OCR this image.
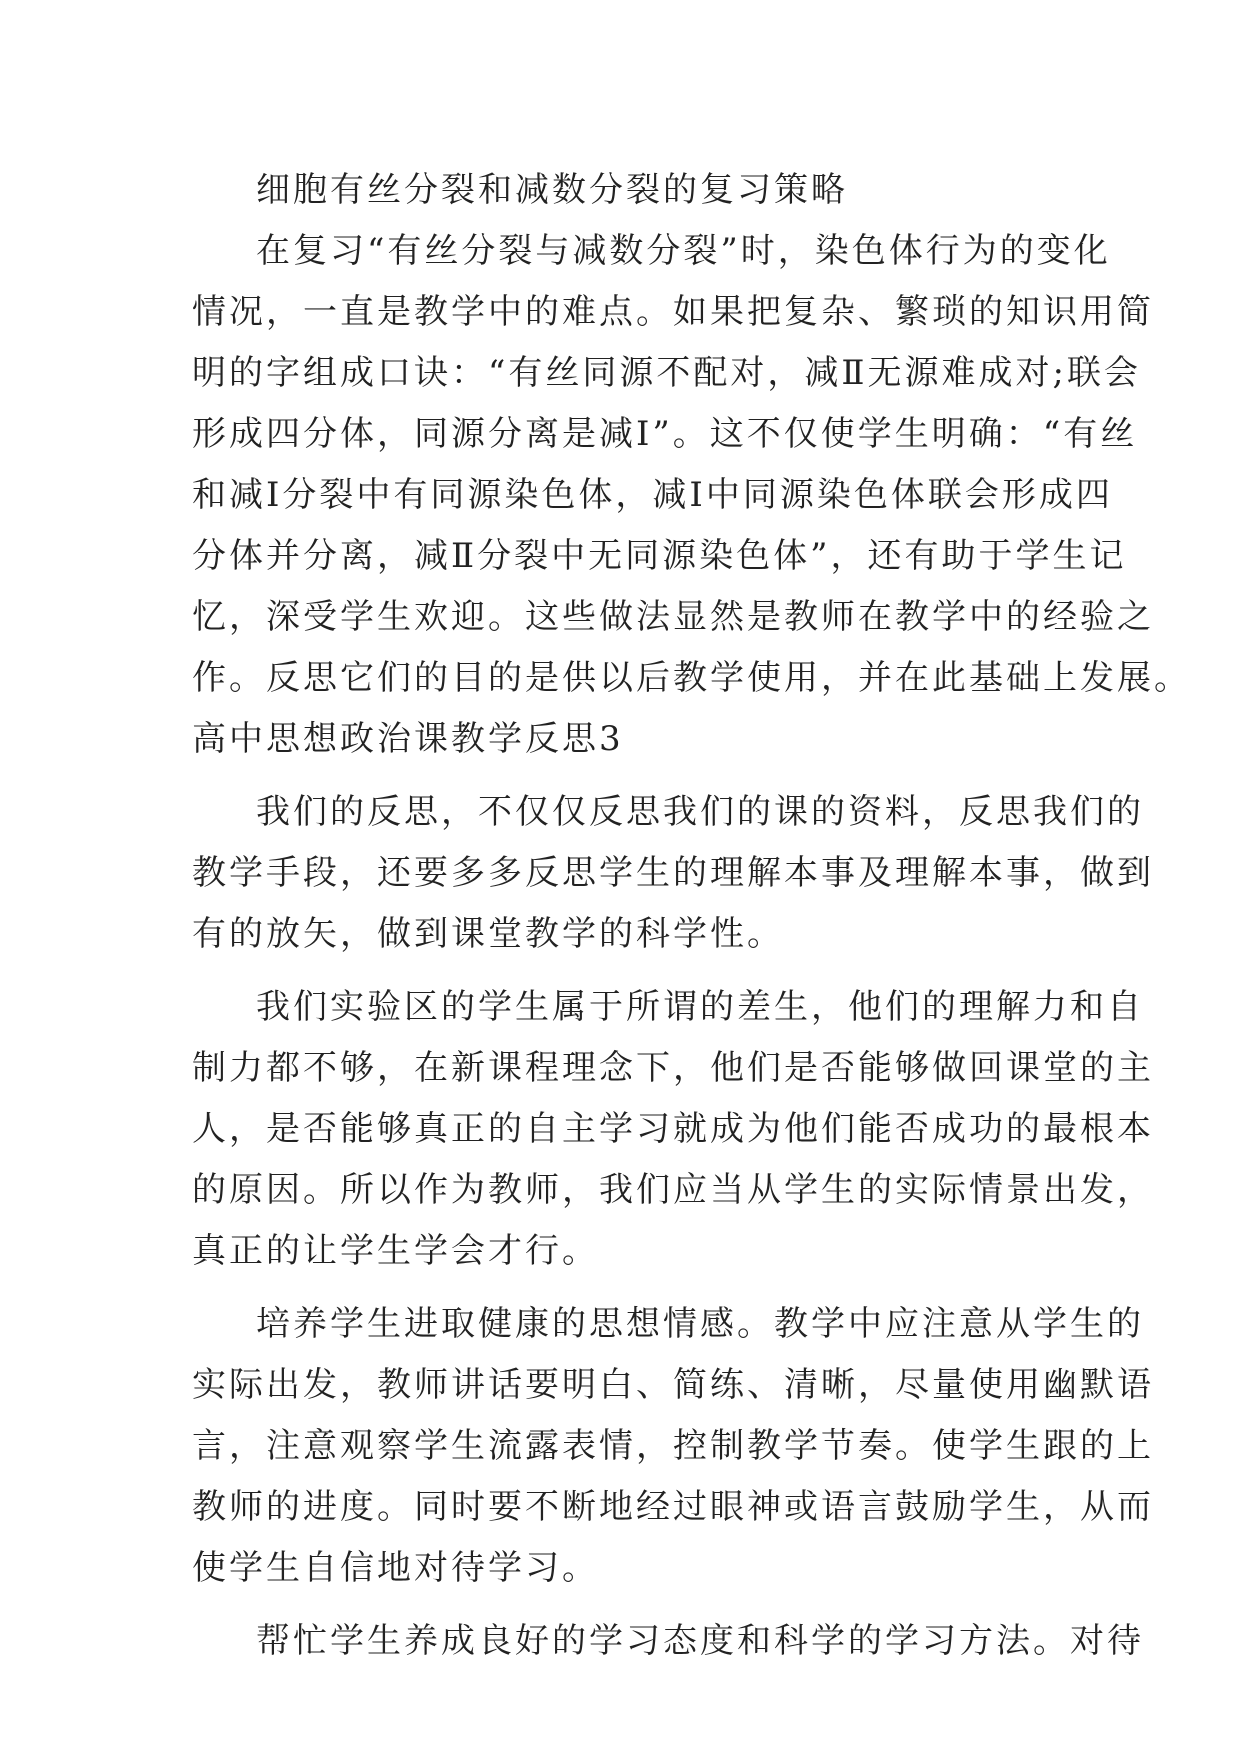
细胞有丝分裂和减数分裂的复习策略
在复习“有丝分裂与减数分裂”时，染色体行为的变化
情况，一直是教学中的难点。如果把复杂、繁琐的知识用简
明的字组成口诀：“有丝同源不配对，减Ⅱ无源难成对;联会
形成四分体，同源分离是减Ⅰ”。这不仅使学生明确：“有丝
和减Ⅰ分裂中有同源染色体，减Ⅰ中同源染色体联会形成四
分体并分离，减Ⅱ分裂中无同源染色体”，还有助于学生记
忆，深受学生欢迎。这些做法显然是教师在教学中的经验之
作。反思它们的目的是供以后教学使用，并在此基础上发展。
高中思想政治课教学反思3
我们的反思，不仅仅反思我们的课的资料，反思我们的
教学手段，还要多多反思学生的理解本事及理解本事，做到
有的放矢，做到课堂教学的科学性。
我们实验区的学生属于所谓的差生，他们的理解力和自
制力都不够，在新课程理念下，他们是否能够做回课堂的主
人，是否能够真正的自主学习就成为他们能否成功的最根本
的原因。所以作为教师，我们应当从学生的实际情景出发，
真正的让学生学会才行。
培养学生进取健康的思想情感。教学中应注意从学生的
实际出发，教师讲话要明白、简练、清晰，尽量使用幽默语
言，注意观察学生流露表情，控制教学节奏。使学生跟的上
教师的进度。同时要不断地经过眼神或语言鼓励学生，从而
使学生自信地对待学习。
帮忙学生养成良好的学习态度和科学的学习方法。对待
